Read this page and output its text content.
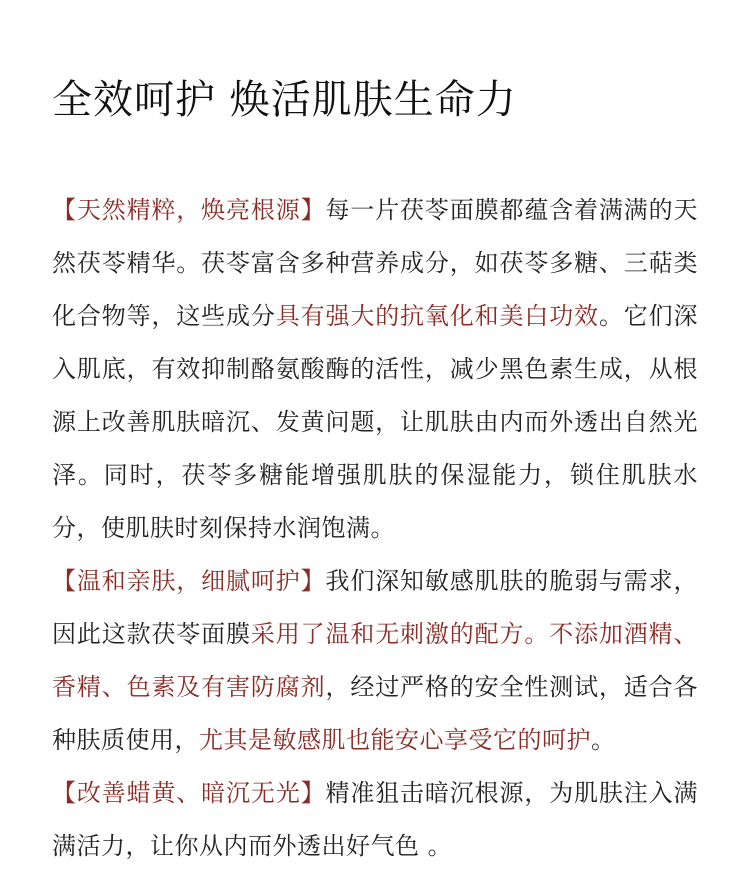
全效呵护 焕活肌肤生命力

【天然精粹，焕亮根源】每一片茯苓面膜都蕴含着满满的天然茯苓精华。茯苓富含多种营养成分，如茯苓多糖、三萜类化合物等，这些成分具有强大的抗氧化和美白功效。它们深入肌底，有效抑制酪氨酸酶的活性，减少黑色素生成，从根源上改善肌肤暗沉、发黄问题，让肌肤由内而外透出自然光泽。同时，茯苓多糖能增强肌肤的保湿能力，锁住肌肤水分，使肌肤时刻保持水润饱满。

【温和亲肤，细腻呵护】我们深知敏感肌肤的脆弱与需求，因此这款茯苓面膜采用了温和无刺激的配方。不添加酒精、香精、色素及有害防腐剂，经过严格的安全性测试，适合各种肤质使用，尤其是敏感肌也能安心享受它的呵护。

【改善蜡黄、暗沉无光】精准狙击暗沉根源，为肌肤注入满满活力，让你从内而外透出好气色 。
